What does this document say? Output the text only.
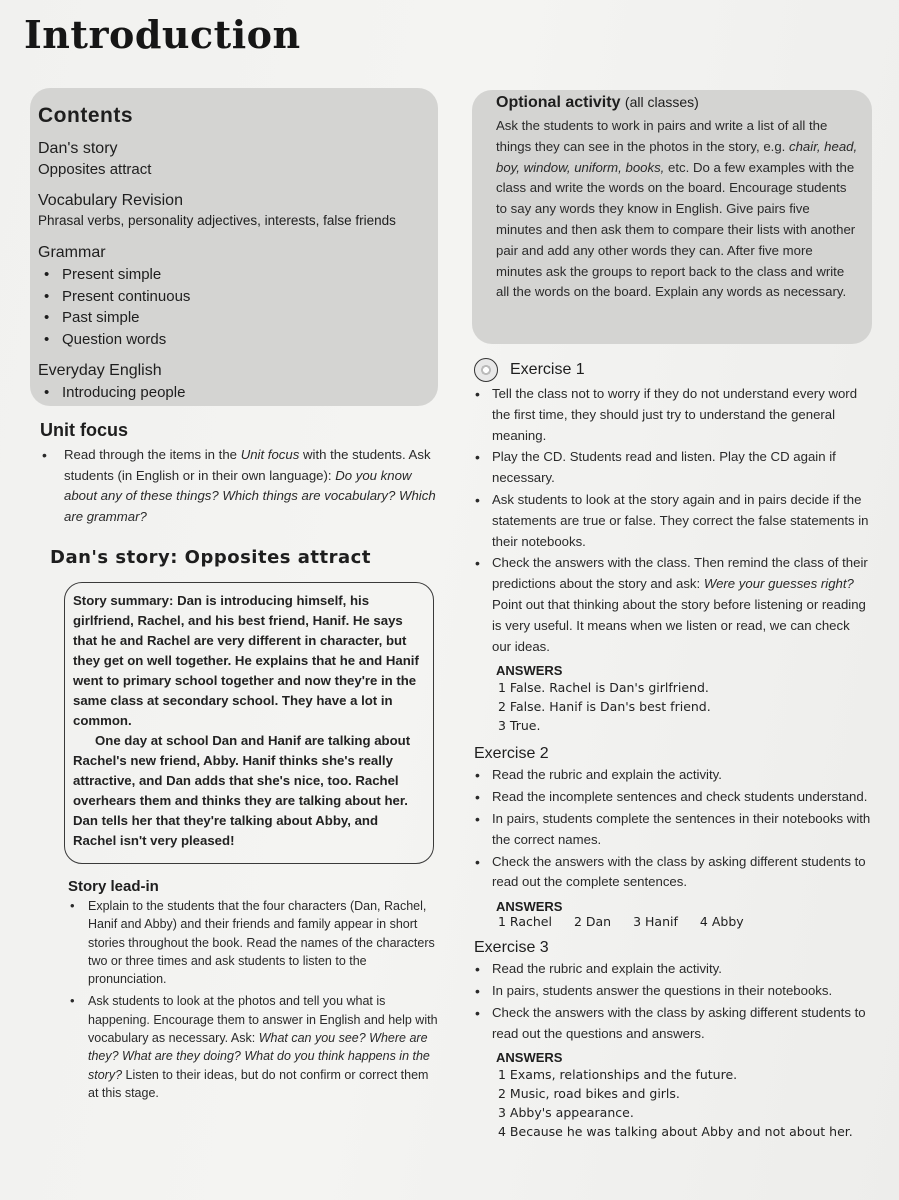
Introduction
Contents
Dan's story
Opposites attract
Vocabulary Revision
Phrasal verbs, personality adjectives, interests, false friends
Grammar
• Present simple
• Present continuous
• Past simple
• Question words
Everyday English
• Introducing people
Unit focus
• Read through the items in the Unit focus with the students. Ask students (in English or in their own language): Do you know about any of these things? Which things are vocabulary? Which are grammar?
Dan's story: Opposites attract

Story summary: Dan is introducing himself, his girlfriend, Rachel, and his best friend, Hanif. He says that he and Rachel are very different in character, but they get on well together. He explains that he and Hanif went to primary school together and now they're in the same class at secondary school. They have a lot in common.

One day at school Dan and Hanif are talking about Rachel's new friend, Abby. Hanif thinks she's really attractive, and Dan adds that she's nice, too. Rachel overhears them and thinks they are talking about her. Dan tells her that they're talking about Abby, and Rachel isn't very pleased!

Story lead-in
• Explain to the students that the four characters (Dan, Rachel, Hanif and Abby) and their friends and family appear in short stories throughout the book. Read the names of the characters two or three times and ask students to listen to the pronunciation.
• Ask students to look at the photos and tell you what is happening. Encourage them to answer in English and help with vocabulary as necessary. Ask: What can you see? Where are they? What are they doing? What do you think happens in the story? Listen to their ideas, but do not confirm or correct them at this stage.
Optional activity (all classes)
Ask the students to work in pairs and write a list of all the things they can see in the photos in the story, e.g. chair, head, boy, window, uniform, books, etc. Do a few examples with the class and write the words on the board. Encourage students to say any words they know in English. Give pairs five minutes and then ask them to compare their lists with another pair and add any other words they can. After five more minutes ask the groups to report back to the class and write all the words on the board. Explain any words as necessary.
Exercise 1
• Tell the class not to worry if they do not understand every word the first time, they should just try to understand the general meaning.
• Play the CD. Students read and listen. Play the CD again if necessary.
• Ask students to look at the story again and in pairs decide if the statements are true or false. They correct the false statements in their notebooks.
• Check the answers with the class. Then remind the class of their predictions about the story and ask: Were your guesses right? Point out that thinking about the story before listening or reading is very useful. It means when we listen or read, we can check our ideas.
ANSWERS
1 False. Rachel is Dan's girlfriend.
2 False. Hanif is Dan's best friend.
3 True.
Exercise 2
• Read the rubric and explain the activity.
• Read the incomplete sentences and check students understand.
• In pairs, students complete the sentences in their notebooks with the correct names.
• Check the answers with the class by asking different students to read out the complete sentences.
ANSWERS
1 Rachel 2 Dan 3 Hanif 4 Abby
Exercise 3
• Read the rubric and explain the activity.
• In pairs, students answer the questions in their notebooks.
• Check the answers with the class by asking different students to read out the questions and answers.
ANSWERS
1 Exams, relationships and the future.
2 Music, road bikes and girls.
3 Abby's appearance.
4 Because he was talking about Abby and not about her.
